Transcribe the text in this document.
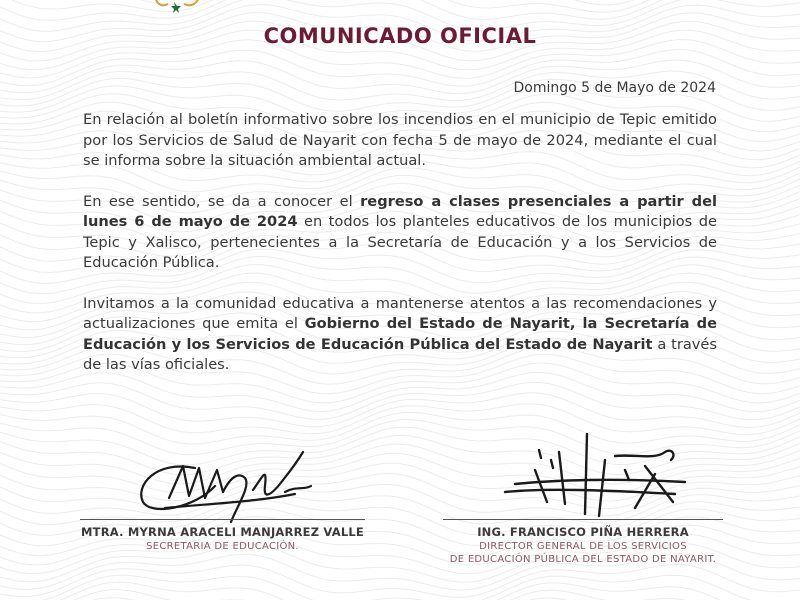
COMUNICADO OFICIAL
Domingo 5 de Mayo de 2024

En relación al boletín informativo sobre los incendios en el municipio de Tepic emitido por los Servicios de Salud de Nayarit con fecha 5 de mayo de 2024, mediante el cual se informa sobre la situación ambiental actual.

En ese sentido, se da a conocer el regreso a clases presenciales a partir del lunes 6 de mayo de 2024 en todos los planteles educativos de los municipios de Tepic y Xalisco, pertenecientes a la Secretaría de Educación y a los Servicios de Educación Pública.

Invitamos a la comunidad educativa a mantenerse atentos a las recomendaciones y actualizaciones que emita el Gobierno del Estado de Nayarit, la Secretaría de Educación y los Servicios de Educación Pública del Estado de Nayarit a través de las vías oficiales.

MTRA. MYRNA ARACELI MANJARREZ VALLE
SECRETARIA DE EDUCACIÓN.
ING. FRANCISCO PIÑA HERRERA
DIRECTOR GENERAL DE LOS SERVICIOS
DE EDUCACIÓN PÚBLICA DEL ESTADO DE NAYARIT.
